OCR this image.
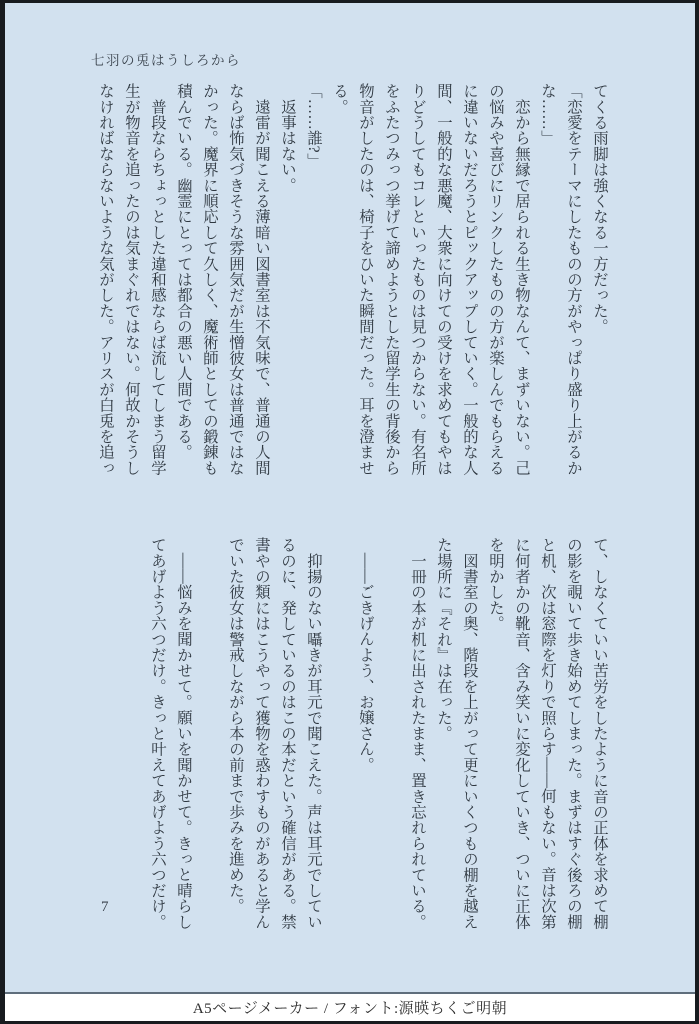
七羽の兎はうしろから
てくる雨脚は強くなる一方だった。
「恋愛をテーマにしたものの方がやっぱり盛り上がるか
な……」
　恋から無縁で居られる生き物なんて、まずいない。己
の悩みや喜びにリンクしたものの方が楽しんでもらえる
に違いないだろうとピックアップしていく。一般的な人
間、一般的な悪魔、大衆に向けての受けを求めてもやは
りどうしてもコレといったものは見つからない。有名所
をふたつみっつ挙げて諦めようとした留学生の背後から
物音がしたのは、椅子をひいた瞬間だった。耳を澄ませ
る。
「……誰?」
　返事はない。
　遠雷が聞こえる薄暗い図書室は不気味で、普通の人間
ならば怖気づきそうな雰囲気だが生憎彼女は普通ではな
かった。魔界に順応して久しく、魔術師としての鍛錬も
積んでいる。幽霊にとっては都合の悪い人間である。
　普段ならちょっとした違和感ならば流してしまう留学
生が物音を追ったのは気まぐれではない。何故かそうし
なければならないような気がした。アリスが白兎を追っ
て、しなくていい苦労をしたように音の正体を求めて棚
の影を覗いて歩き始めてしまった。まずはすぐ後ろの棚
と机、次は窓際を灯りで照らす――何もない。音は次第
に何者かの靴音、含み笑いに変化していき、ついに正体
を明かした。
　図書室の奥、階段を上がって更にいくつもの棚を越え
た場所に『それ』は在った。
　一冊の本が机に出されたまま、置き忘れられている。

　――ごきげんよう、お嬢さん。

　抑揚のない囁きが耳元で聞こえた。声は耳元でしてい
るのに、発しているのはこの本だという確信がある。禁
書やの類にはこうやって獲物を惑わすものがあると学ん
でいた彼女は警戒しながら本の前まで歩みを進めた。

　――悩みを聞かせて。願いを聞かせて。きっと晴らし
てあげよう六つだけ。きっと叶えてあげよう六つだけ。
7
A5ページメーカー / フォント:源暎ちくご明朝
